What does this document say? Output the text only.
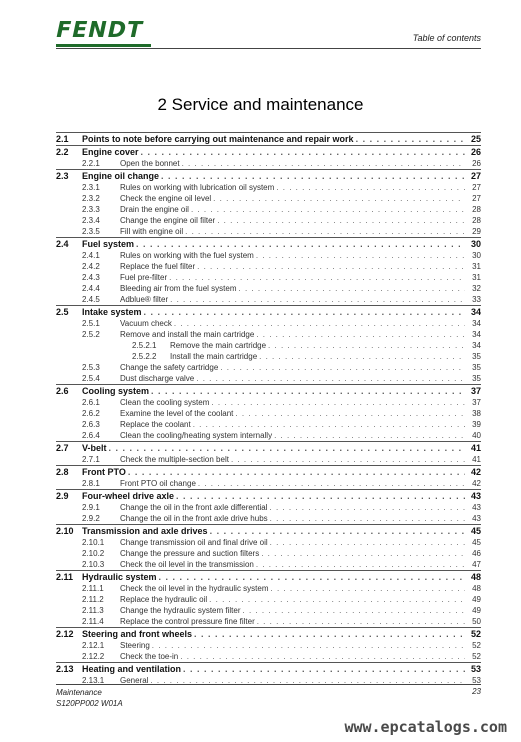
FENDT	Table of contents
2 Service and maintenance
2.1	Points to note before carrying out maintenance and repair work . . .	25
2.2	Engine cover . . .	26
2.2.1	Open the bonnet . . .	26
2.3	Engine oil change . . .	27
2.3.1	Rules on working with lubrication oil system . . .	27
2.3.2	Check the engine oil level . . .	27
2.3.3	Drain the engine oil . . .	28
2.3.4	Change the engine oil filter . . .	28
2.3.5	Fill with engine oil . . .	29
2.4	Fuel system . . .	30
2.4.1	Rules on working with the fuel system . . .	30
2.4.2	Replace the fuel filter . . .	31
2.4.3	Fuel pre-filter . . .	31
2.4.4	Bleeding air from the fuel system . . .	32
2.4.5	Adblue® filter . . .	33
2.5	Intake system . . .	34
2.5.1	Vacuum check . . .	34
2.5.2	Remove and install the main cartridge . . .	34
2.5.2.1	Remove the main cartridge . . .	34
2.5.2.2	Install the main cartridge . . .	35
2.5.3	Change the safety cartridge . . .	35
2.5.4	Dust discharge valve . . .	35
2.6	Cooling system . . .	37
2.6.1	Clean the cooling system . . .	37
2.6.2	Examine the level of the coolant . . .	38
2.6.3	Replace the coolant . . .	39
2.6.4	Clean the cooling/heating system internally . . .	40
2.7	V-belt . . .	41
2.7.1	Check the multiple-section belt . . .	41
2.8	Front PTO . . .	42
2.8.1	Front PTO oil change . . .	42
2.9	Four-wheel drive axle . . .	43
2.9.1	Change the oil in the front axle differential . . .	43
2.9.2	Change the oil in the front axle drive hubs . . .	43
2.10 Transmission and axle drives . . .	45
2.10.1	Change transmission oil and final drive oil . . .	45
2.10.2	Change the pressure and suction filters . . .	46
2.10.3	Check the oil level in the transmission . . .	47
2.11 Hydraulic system . . .	48
2.11.1	Check the oil level in the hydraulic system . . .	48
2.11.2	Replace the hydraulic oil . . .	49
2.11.3	Change the hydraulic system filter . . .	49
2.11.4	Replace the control pressure fine filter . . .	50
2.12 Steering and front wheels . . .	52
2.12.1	Steering . . .	52
2.12.2	Check the toe-in . . .	52
2.13 Heating and ventilation . . .	53
2.13.1	General . . .	53
Maintenance
S120PP002 W01A
23
www.epcatalogs.com
